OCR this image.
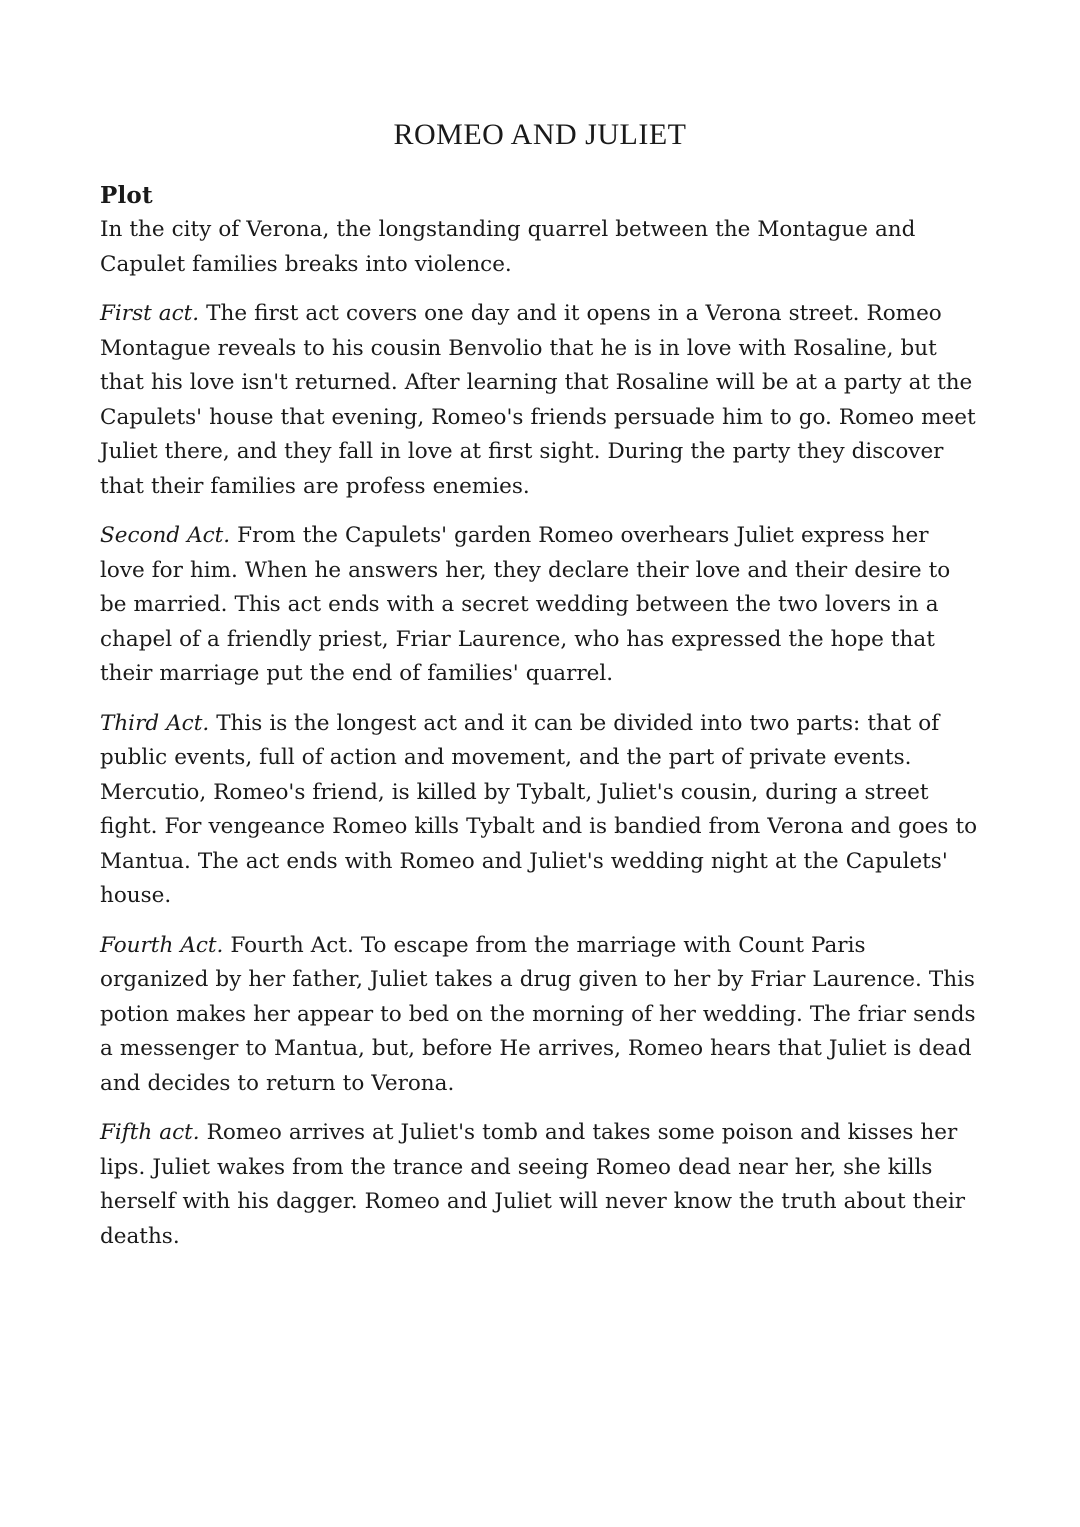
ROMEO AND JULIET
Plot

In the city of Verona, the longstanding quarrel between the Montague and Capulet families breaks into violence.

First act. The first act covers one day and it opens in a Verona street. Romeo Montague reveals to his cousin Benvolio that he is in love with Rosaline, but that his love isn't returned. After learning that Rosaline will be at a party at the Capulets' house that evening, Romeo's friends persuade him to go. Romeo meet Juliet there, and they fall in love at first sight. During the party they discover that their families are profess enemies.

Second Act. From the Capulets' garden Romeo overhears Juliet express her love for him. When he answers her, they declare their love and their desire to be married. This act ends with a secret wedding between the two lovers in a chapel of a friendly priest, Friar Laurence, who has expressed the hope that their marriage put the end of families' quarrel.

Third Act. This is the longest act and it can be divided into two parts: that of public events, full of action and movement, and the part of private events.

Mercutio, Romeo's friend, is killed by Tybalt, Juliet's cousin, during a street fight. For vengeance Romeo kills Tybalt and is bandied from Verona and goes to Mantua. The act ends with Romeo and Juliet's wedding night at the Capulets' house.

Fourth Act. Fourth Act. To escape from the marriage with Count Paris organized by her father, Juliet takes a drug given to her by Friar Laurence. This potion makes her appear to bed on the morning of her wedding. The friar sends a messenger to Mantua, but, before He arrives, Romeo hears that Juliet is dead and decides to return to Verona.

Fifth act. Romeo arrives at Juliet's tomb and takes some poison and kisses her lips. Juliet wakes from the trance and seeing Romeo dead near her, she kills herself with his dagger. Romeo and Juliet will never know the truth about their deaths.
